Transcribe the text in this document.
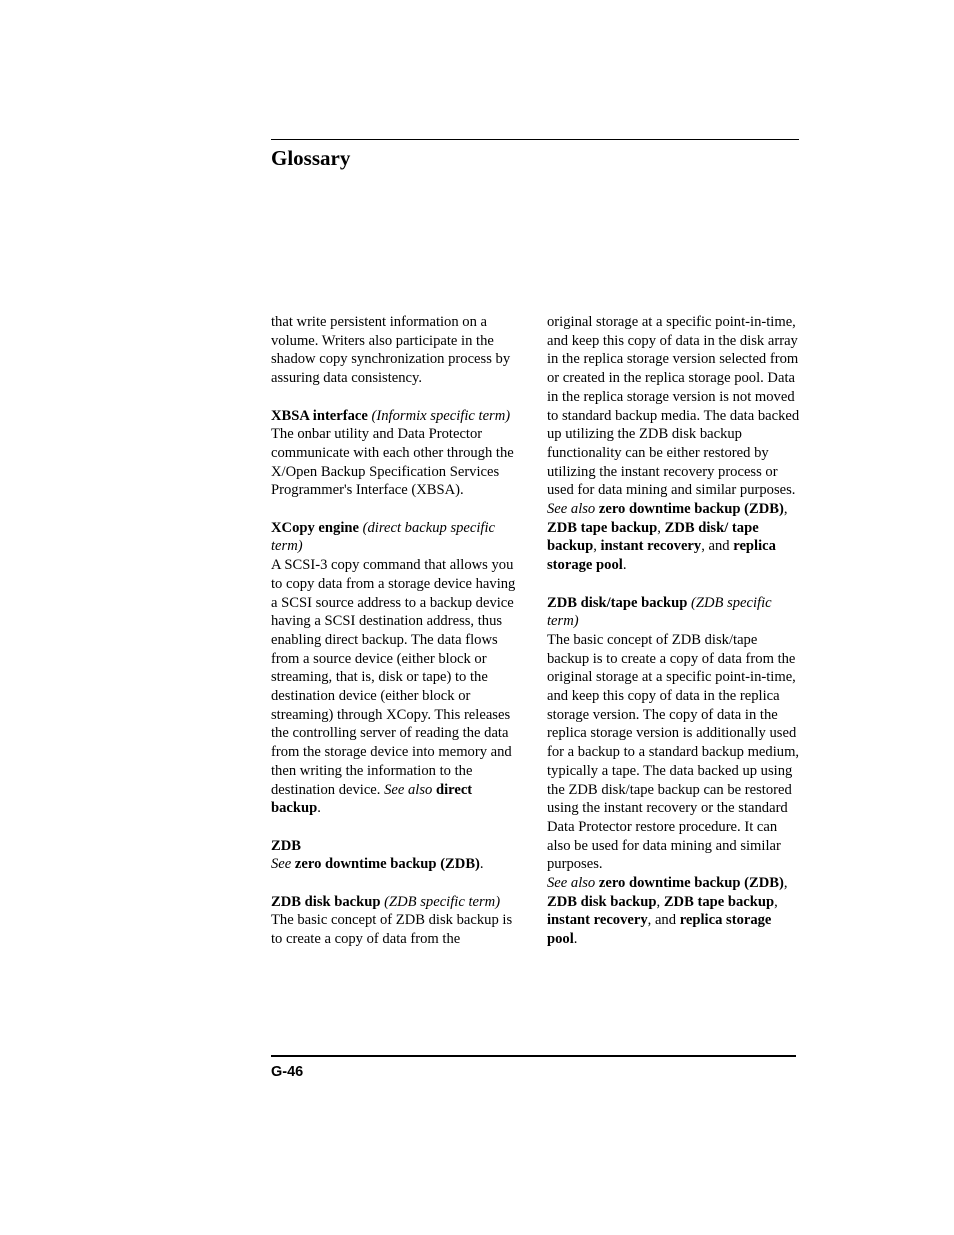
Glossary

that write persistent information on a volume. Writers also participate in the shadow copy synchronization process by assuring data consistency.

XBSA interface (Informix specific term)
The onbar utility and Data Protector communicate with each other through the X/Open Backup Specification Services Programmer's Interface (XBSA).
XCopy engine (direct backup specific term)
A SCSI-3 copy command that allows you to copy data from a storage device having a SCSI source address to a backup device having a SCSI destination address, thus enabling direct backup. The data flows from a source device (either block or streaming, that is, disk or tape) to the destination device (either block or streaming) through XCopy. This releases the controlling server of reading the data from the storage device into memory and then writing the information to the destination device. See also direct backup.
ZDB
See zero downtime backup (ZDB).
ZDB disk backup (ZDB specific term)
The basic concept of ZDB disk backup is to create a copy of data from the
original storage at a specific point-in-time, and keep this copy of data in the disk array in the replica storage version selected from or created in the replica storage pool. Data in the replica storage version is not moved to standard backup media. The data backed up utilizing the ZDB disk backup functionality can be either restored by utilizing the instant recovery process or used for data mining and similar purposes.
See also zero downtime backup (ZDB), ZDB tape backup, ZDB disk/ tape backup, instant recovery, and replica storage pool.
ZDB disk/tape backup (ZDB specific term)
The basic concept of ZDB disk/tape backup is to create a copy of data from the original storage at a specific point-in-time, and keep this copy of data in the replica storage version. The copy of data in the replica storage version is additionally used for a backup to a standard backup medium, typically a tape. The data backed up using the ZDB disk/tape backup can be restored using the instant recovery or the standard Data Protector restore procedure. It can also be used for data mining and similar purposes.
See also zero downtime backup (ZDB), ZDB disk backup, ZDB tape backup, instant recovery, and replica storage pool.
G-46
